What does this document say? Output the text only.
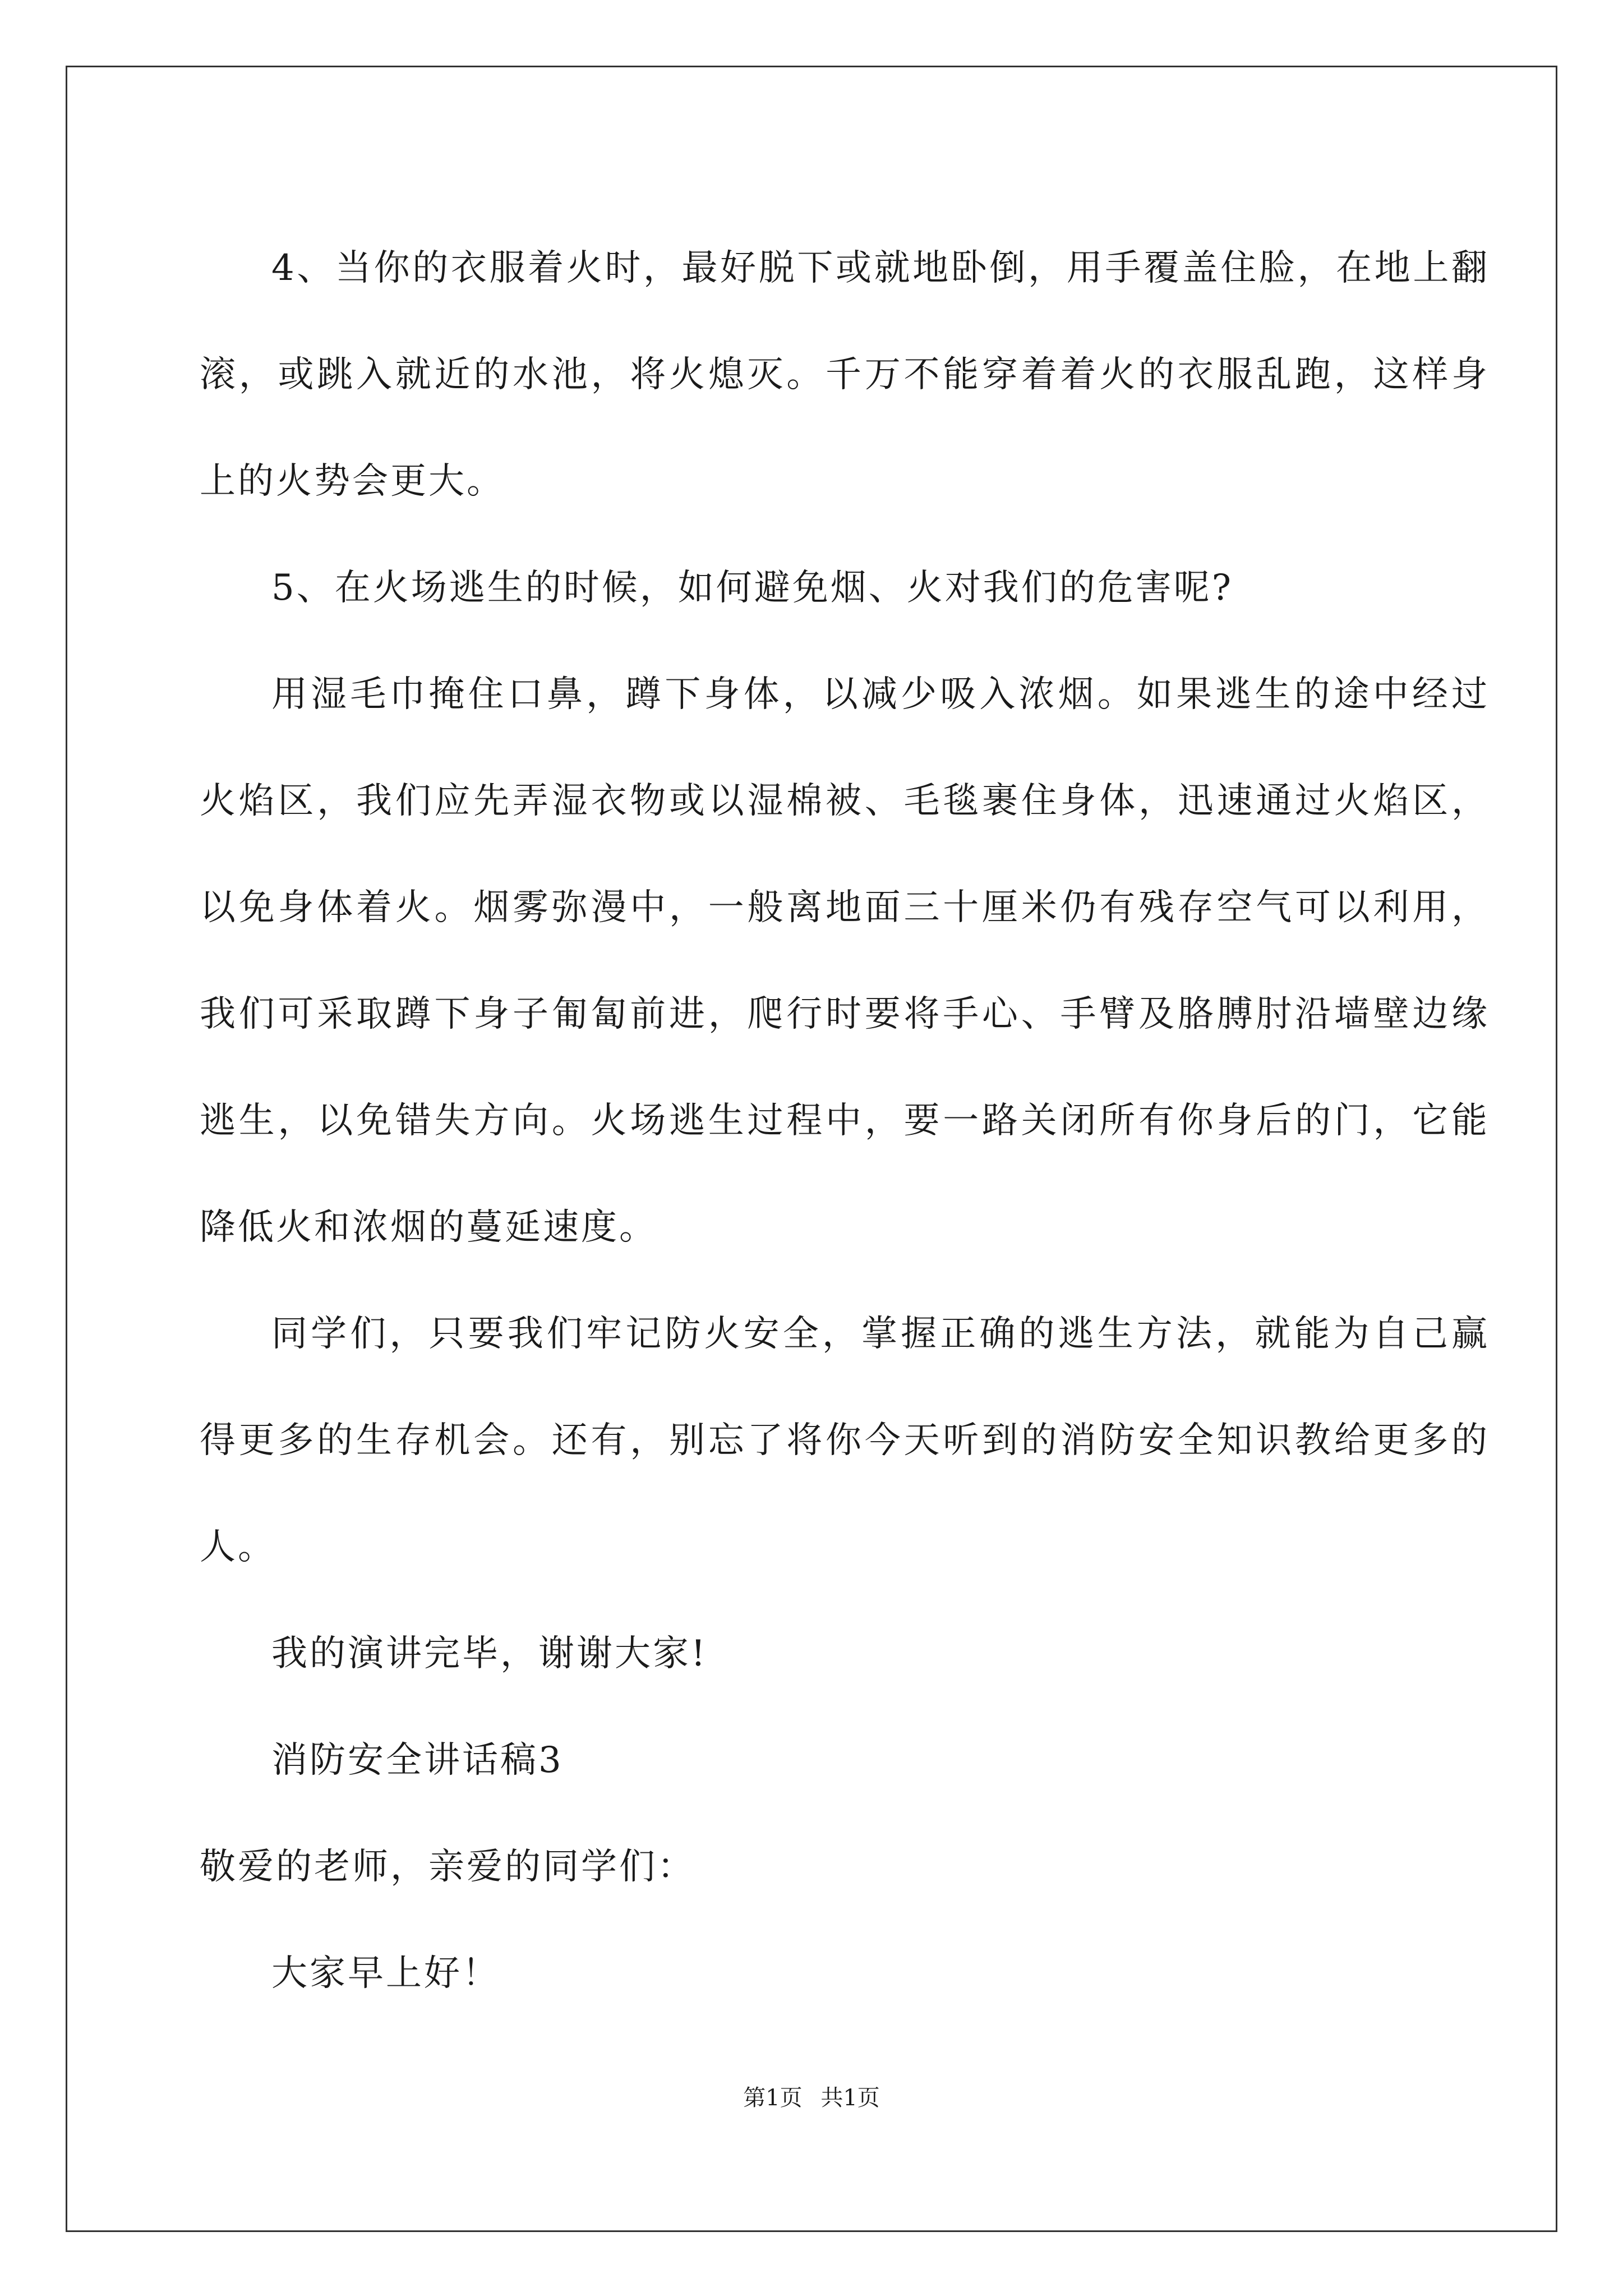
4、当你的衣服着火时，最好脱下或就地卧倒，用手覆盖住脸，在地上翻滚，或跳入就近的水池，将火熄灭。千万不能穿着着火的衣服乱跑，这样身上的火势会更大。

5、在火场逃生的时候，如何避免烟、火对我们的危害呢?

用湿毛巾掩住口鼻，蹲下身体，以减少吸入浓烟。如果逃生的途中经过火焰区，我们应先弄湿衣物或以湿棉被、毛毯裹住身体，迅速通过火焰区，以免身体着火。烟雾弥漫中，一般离地面三十厘米仍有残存空气可以利用，我们可采取蹲下身子匍匐前进，爬行时要将手心、手臂及胳膊肘沿墙壁边缘逃生，以免错失方向。火场逃生过程中，要一路关闭所有你身后的门，它能降低火和浓烟的蔓延速度。

同学们，只要我们牢记防火安全，掌握正确的逃生方法，就能为自己赢得更多的生存机会。还有，别忘了将你今天听到的消防安全知识教给更多的人。

我的演讲完毕，谢谢大家!

消防安全讲话稿3

敬爱的老师，亲爱的同学们：

大家早上好！

第1页 共1页
